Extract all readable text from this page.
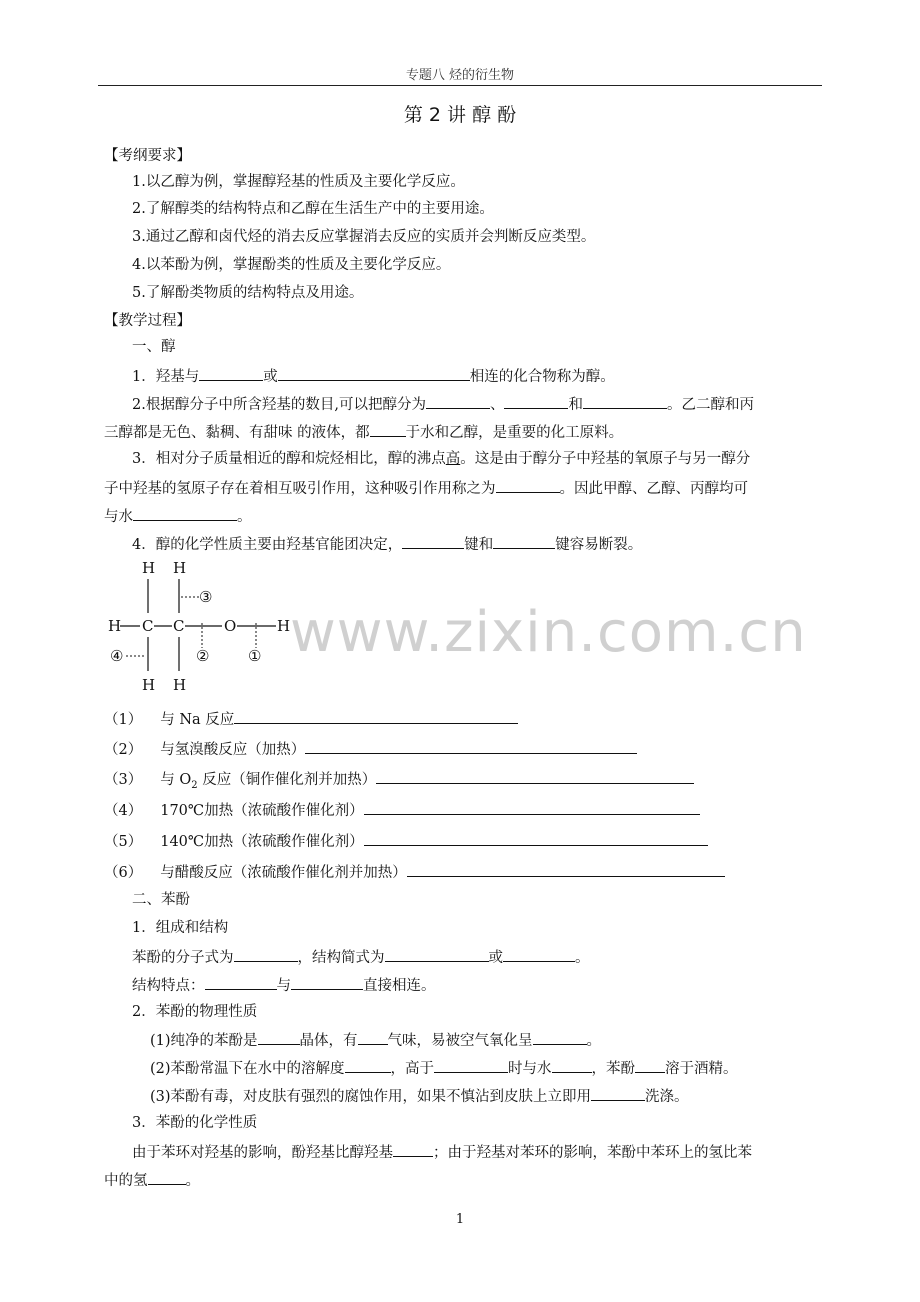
专题八 烃的衍生物
第 2 讲 醇 酚
www.zixin.com.cn
【考纲要求】
1.以乙醇为例，掌握醇羟基的性质及主要化学反应。
2.了解醇类的结构特点和乙醇在生活生产中的主要用途。
3.通过乙醇和卤代烃的消去反应掌握消去反应的实质并会判断反应类型。
4.以苯酚为例，掌握酚类的性质及主要化学反应。
5.了解酚类物质的结构特点及用途。
【教学过程】
一、醇
1．羟基与	或	相连的化合物称为醇。
2.根据醇分子中所含羟基的数目,可以把醇分为	、	和	。乙二醇和丙
三醇都是无色、黏稠、有甜味 的液体，都 于水和乙醇，是重要的化工原料。
3．相对分子质量相近的醇和烷烃相比，醇的沸点高。这是由于醇分子中羟基的氧原子与另一醇分
子中羟基的氢原子存在着相互吸引作用，这种吸引作用称之为	。因此甲醇、乙醇、丙醇均可
与水	。
4．醇的化学性质主要由羟基官能团决定，	键和	键容易断裂。
H H
③
H C C	O	H
②	①
④
H H
（1） 与 Na 反应
（2） 与氢溴酸反应（加热）
（3） 与 $O_2$ 反应（铜作催化剂并加热）
（4） 170℃加热（浓硫酸作催化剂）
（5） 140℃加热（浓硫酸作催化剂）
（6） 与醋酸反应（浓硫酸作催化剂并加热）
二、苯酚
1．组成和结构
苯酚的分子式为	，结构简式为	或	。
结构特点：	与	直接相连。
2．苯酚的物理性质
(1)纯净的苯酚是	晶体，有 气味，易被空气氧化呈	。
(2)苯酚常温下在水中的溶解度	，高于	时与水	，苯酚 溶于酒精。
(3)苯酚有毒，对皮肤有强烈的腐蚀作用，如果不慎沾到皮肤上立即用	洗涤。
3．苯酚的化学性质
由于苯环对羟基的影响，酚羟基比醇羟基	；由于羟基对苯环的影响，苯酚中苯环上的氢比苯
中的氢	。
1
